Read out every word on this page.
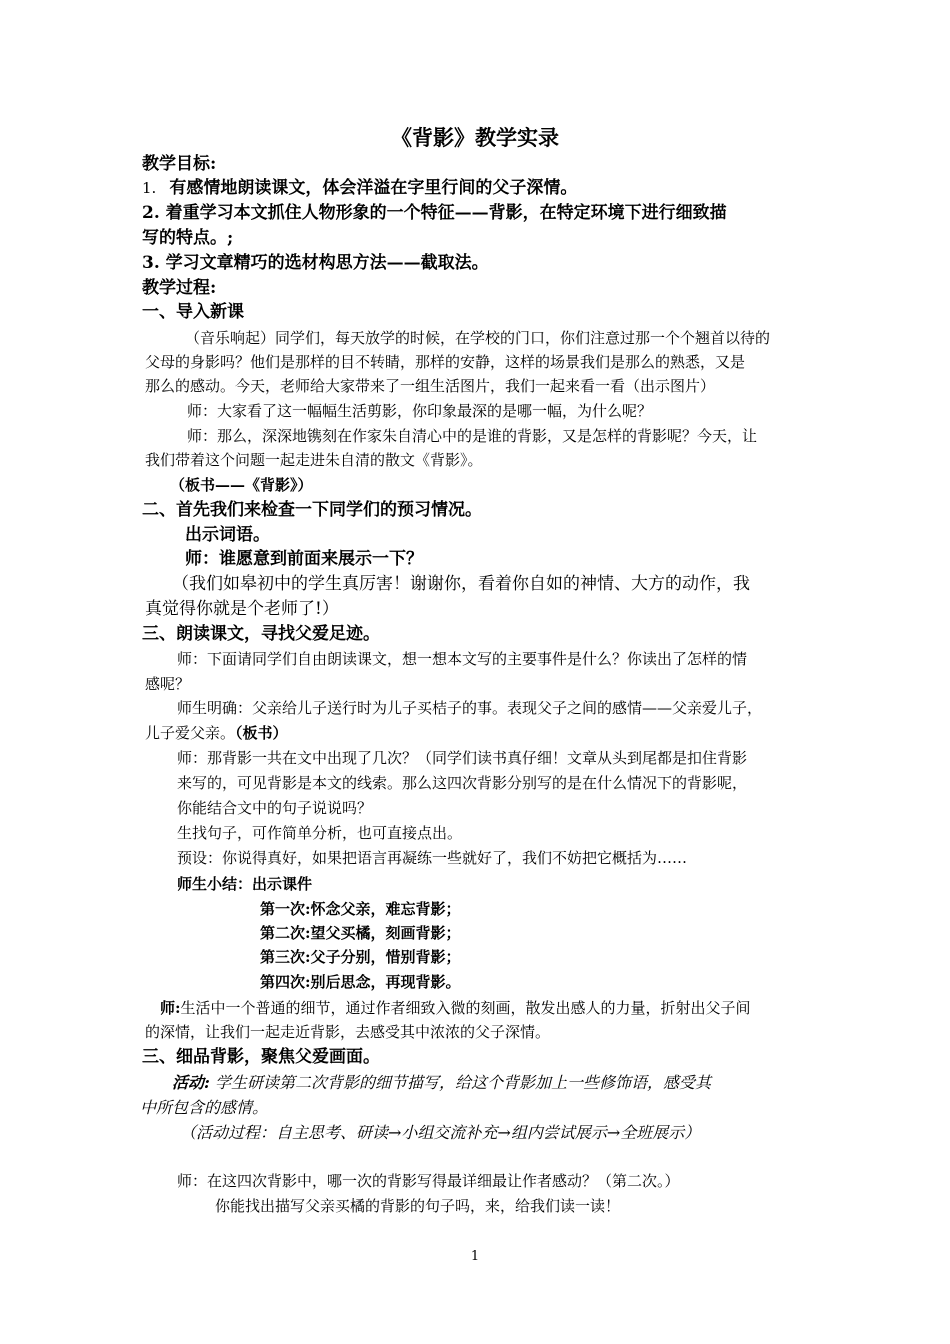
《背影》教学实录
教学目标:
1. 有感情地朗读课文，体会洋溢在字里行间的父子深情。
2. 着重学习本文抓住人物形象的一个特征——背影，在特定环境下进行细致描
写的特点。;
3. 学习文章精巧的选材构思方法——截取法。
教学过程:
一、导入新课
（音乐响起）同学们，每天放学的时候，在学校的门口，你们注意过那一个个翘首以待的
父母的身影吗？他们是那样的目不转睛，那样的安静，这样的场景我们是那么的熟悉，又是
那么的感动。今天，老师给大家带来了一组生活图片，我们一起来看一看（出示图片）
师：大家看了这一幅幅生活剪影，你印象最深的是哪一幅，为什么呢？
师：那么，深深地镌刻在作家朱自清心中的是谁的背影，又是怎样的背影呢？今天，让
我们带着这个问题一起走进朱自清的散文《背影》。
（板书——《背影》）
二、首先我们来检查一下同学们的预习情况。
出示词语。
师：谁愿意到前面来展示一下？
（我们如皋初中的学生真厉害！谢谢你，看着你自如的神情、大方的动作，我
真觉得你就是个老师了!）
三、朗读课文，寻找父爱足迹。
师：下面请同学们自由朗读课文，想一想本文写的主要事件是什么？你读出了怎样的情
感呢？
师生明确：父亲给儿子送行时为儿子买桔子的事。表现父子之间的感情——父亲爱儿子，
儿子爱父亲。（板书）
师：那背影一共在文中出现了几次？（同学们读书真仔细！文章从头到尾都是扣住背影
来写的，可见背影是本文的线索。那么这四次背影分别写的是在什么情况下的背影呢，
你能结合文中的句子说说吗？
生找句子，可作简单分析，也可直接点出。
预设：你说得真好，如果把语言再凝练一些就好了，我们不妨把它概括为……
师生小结：出示课件
第一次:怀念父亲，难忘背影；
第二次:望父买橘，刻画背影；
第三次:父子分别，惜别背影；
第四次:别后思念，再现背影。
师:生活中一个普通的细节，通过作者细致入微的刻画，散发出感人的力量，折射出父子间
的深情，让我们一起走近背影，去感受其中浓浓的父子深情。
三、细品背影，聚焦父爱画面。
活动: 学生研读第二次背影的细节描写，给这个背影加上一些修饰语，感受其
中所包含的感情。
（活动过程：自主思考、研读→小组交流补充→组内尝试展示→全班展示）
师：在这四次背影中，哪一次的背影写得最详细最让作者感动？（第二次。）
你能找出描写父亲买橘的背影的句子吗，来，给我们读一读！
1
